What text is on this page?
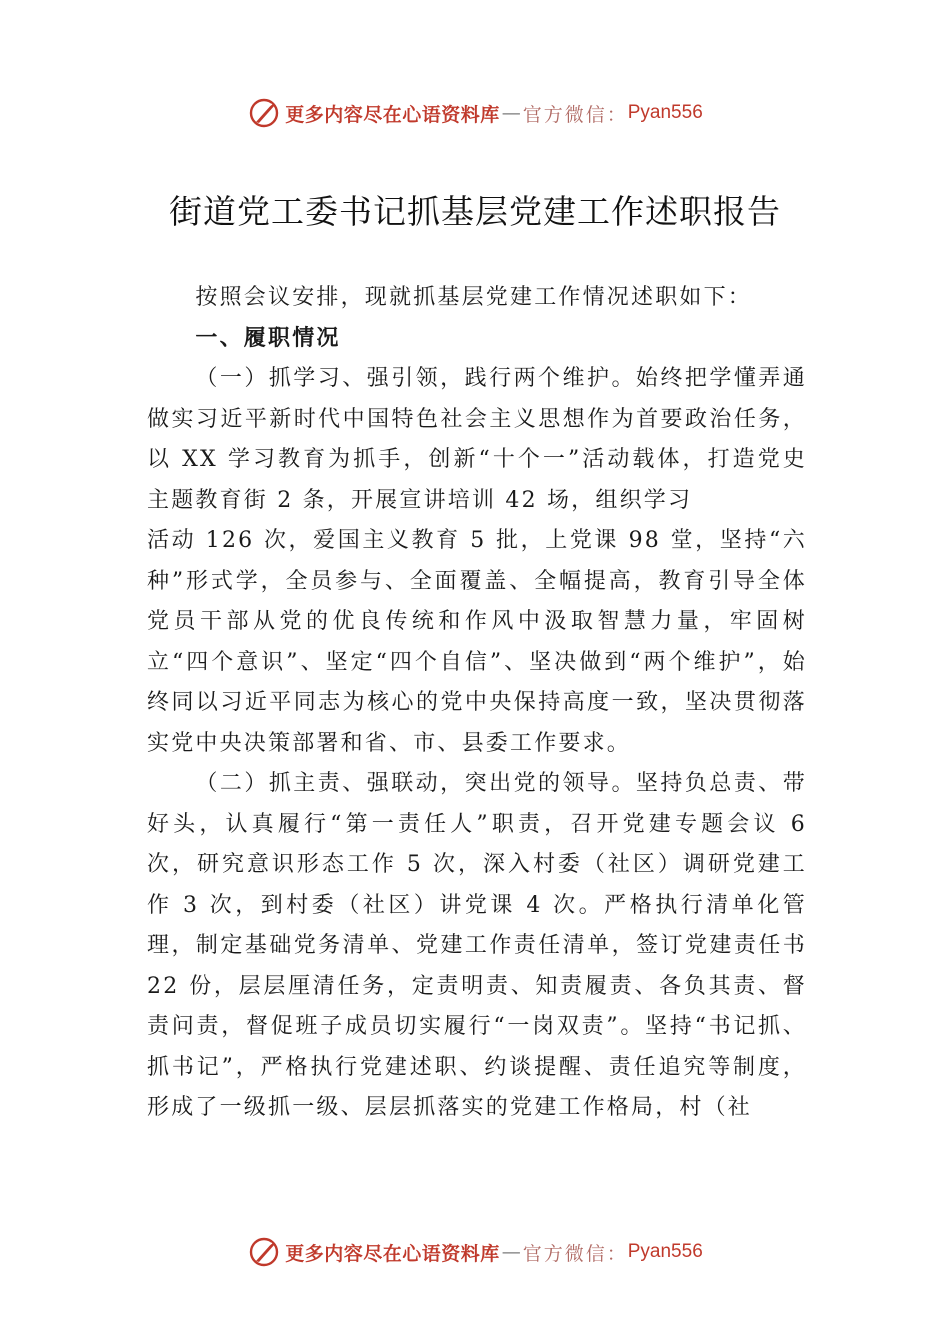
更多内容尽在心语资料库 — 官方微信： Pyan556
街道党工委书记抓基层党建工作述职报告

按照会议安排，现就抓基层党建工作情况述职如下：

一、履职情况

（一）抓学习、强引领，践行两个维护。始终把学懂弄通做实习近平新时代中国特色社会主义思想作为首要政治任务，以 XX 学习教育为抓手，创新“十个一”活动载体，打造党史主题教育街 2 条，开展宣讲培训 42 场，组织学习

活动 126 次，爱国主义教育 5 批，上党课 98 堂，坚持“六种”形式学，全员参与、全面覆盖、全幅提高，教育引导全体党员干部从党的优良传统和作风中汲取智慧力量，牢固树立“四个意识”、坚定“四个自信”、坚决做到“两个维护”，始终同以习近平同志为核心的党中央保持高度一致，坚决贯彻落实党中央决策部署和省、市、县委工作要求。

（二）抓主责、强联动，突出党的领导。坚持负总责、带好头，认真履行“第一责任人”职责，召开党建专题会议 6 次，研究意识形态工作 5 次，深入村委（社区）调研党建工作 3 次，到村委（社区）讲党课 4 次。严格执行清单化管理，制定基础党务清单、党建工作责任清单，签订党建责任书 22 份，层层厘清任务，定责明责、知责履责、各负其责、督责问责，督促班子成员切实履行“一岗双责”。坚持“书记抓、抓书记”，严格执行党建述职、约谈提醒、责任追究等制度，形成了一级抓一级、层层抓落实的党建工作格局，村（社

更多内容尽在心语资料库 — 官方微信： Pyan556
